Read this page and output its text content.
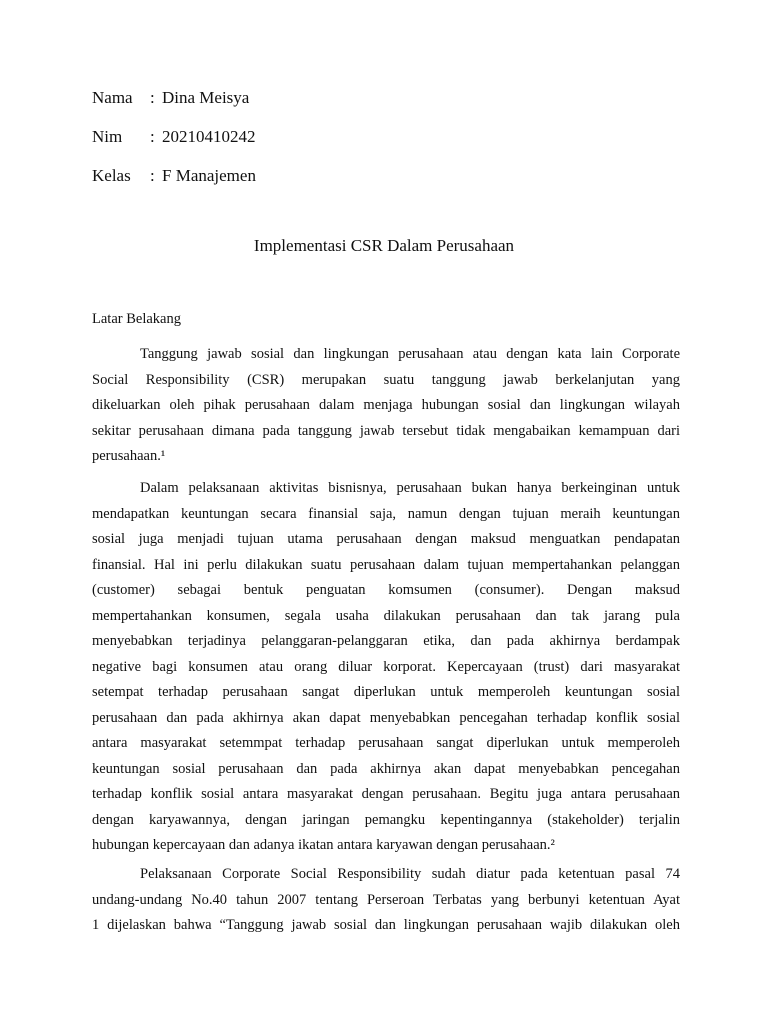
Nama : Dina Meisya
Nim : 20210410242
Kelas : F Manajemen
Implementasi CSR Dalam Perusahaan
Latar Belakang
Tanggung jawab sosial dan lingkungan perusahaan atau dengan kata lain Corporate
Social Responsibility (CSR) merupakan suatu tanggung jawab berkelanjutan yang
dikeluarkan oleh pihak perusahaan dalam menjaga hubungan sosial dan lingkungan wilayah
sekitar perusahaan dimana pada tanggung jawab tersebut tidak mengabaikan kemampuan dari
perusahaan.¹
Dalam pelaksanaan aktivitas bisnisnya, perusahaan bukan hanya berkeinginan untuk
mendapatkan keuntungan secara finansial saja, namun dengan tujuan meraih keuntungan
sosial juga menjadi tujuan utama perusahaan dengan maksud menguatkan pendapatan
finansial. Hal ini perlu dilakukan suatu perusahaan dalam tujuan mempertahankan pelanggan
(customer) sebagai bentuk penguatan komsumen (consumer). Dengan maksud
mempertahankan konsumen, segala usaha dilakukan perusahaan dan tak jarang pula
menyebabkan terjadinya pelanggaran-pelanggaran etika, dan pada akhirnya berdampak
negative bagi konsumen atau orang diluar korporat. Kepercayaan (trust) dari masyarakat
setempat terhadap perusahaan sangat diperlukan untuk memperoleh keuntungan sosial
perusahaan dan pada akhirnya akan dapat menyebabkan pencegahan terhadap konflik sosial
antara masyarakat setemmpat terhadap perusahaan sangat diperlukan untuk memperoleh
keuntungan sosial perusahaan dan pada akhirnya akan dapat menyebabkan pencegahan
terhadap konflik sosial antara masyarakat dengan perusahaan. Begitu juga antara perusahaan
dengan karyawannya, dengan jaringan pemangku kepentingannya (stakeholder) terjalin
hubungan kepercayaan dan adanya ikatan antara karyawan dengan perusahaan.²
Pelaksanaan Corporate Social Responsibility sudah diatur pada ketentuan pasal 74
undang-undang No.40 tahun 2007 tentang Perseroan Terbatas yang berbunyi ketentuan Ayat
1 dijelaskan bahwa “Tanggung jawab sosial dan lingkungan perusahaan wajib dilakukan oleh
